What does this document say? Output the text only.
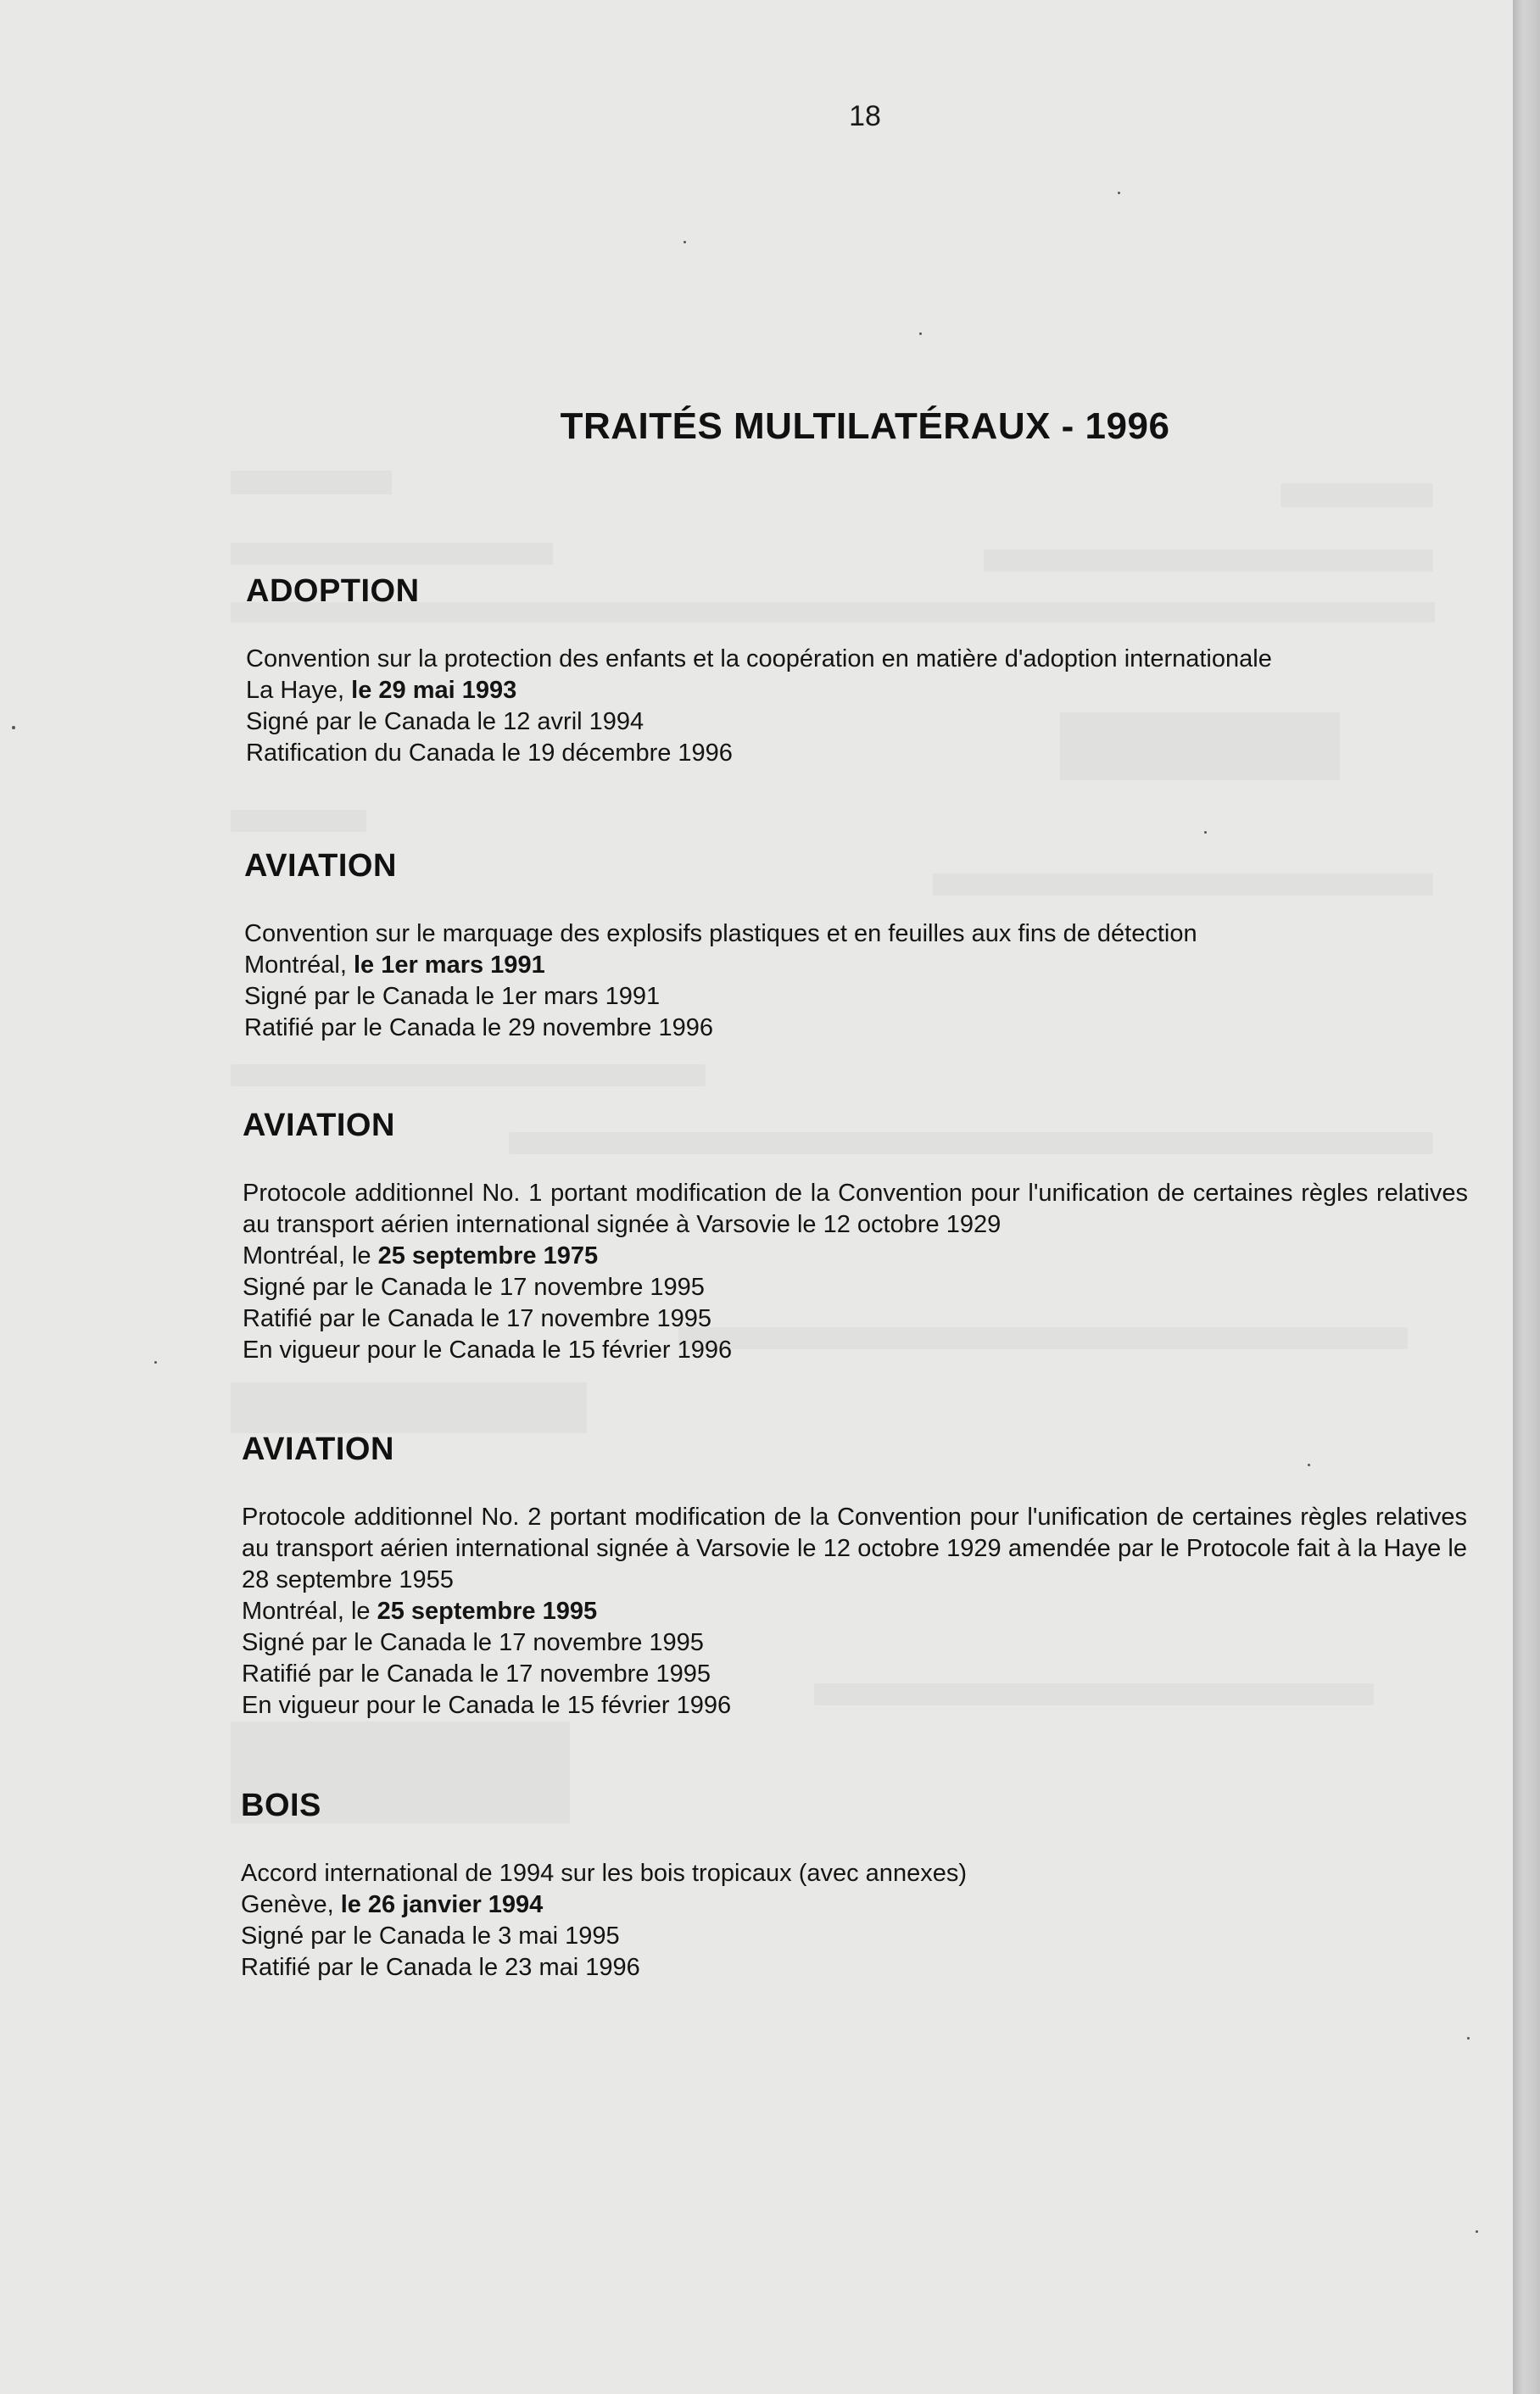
18
TRAITÉS MULTILATÉRAUX - 1996
ADOPTION
Convention sur la protection des enfants et la coopération en matière d'adoption internationale
La Haye, le 29 mai 1993
Signé par le Canada le 12 avril 1994
Ratification du Canada le 19 décembre 1996
AVIATION
Convention sur le marquage des explosifs plastiques et en feuilles aux fins de détection
Montréal, le 1er mars 1991
Signé par le Canada le 1er mars 1991
Ratifié par le Canada le 29 novembre 1996
AVIATION
Protocole additionnel No. 1 portant modification de la Convention pour l'unification de certaines règles relatives au transport aérien international signée à Varsovie le 12 octobre 1929
Montréal, le 25 septembre 1975
Signé par le Canada le 17 novembre 1995
Ratifié par le Canada le 17 novembre 1995
En vigueur pour le Canada le 15 février 1996
AVIATION
Protocole additionnel No. 2 portant modification de la Convention pour l'unification de certaines règles relatives au transport aérien international signée à Varsovie le 12 octobre 1929 amendée par le Protocole fait à la Haye le 28 septembre 1955
Montréal, le 25 septembre 1995
Signé par le Canada le 17 novembre 1995
Ratifié par le Canada le 17 novembre 1995
En vigueur pour le Canada le 15 février 1996
BOIS
Accord international de 1994 sur les bois tropicaux (avec annexes)
Genève, le 26 janvier 1994
Signé par le Canada le 3 mai 1995
Ratifié par le Canada le 23 mai 1996
